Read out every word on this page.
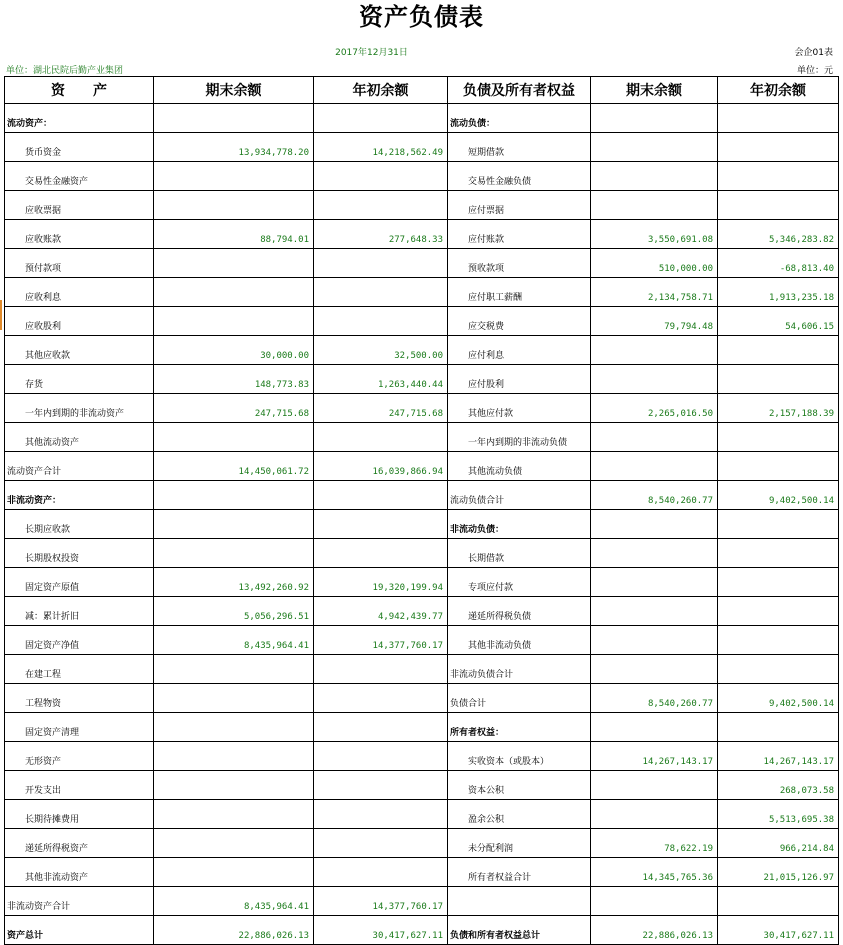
资产负债表
2017年12月31日	会企01表
单位：湖北民院后勤产业集团	单位：元
资　　产	期末余额	年初余额	负债及所有者权益	期末余额	年初余额
流动资产：			流动负债：		
货币资金	13,934,778.20	14,218,562.49	短期借款		
交易性金融资产			交易性金融负债		
应收票据			应付票据		
应收账款	88,794.01	277,648.33	应付账款	3,550,691.08	5,346,283.82
预付款项			预收款项	510,000.00	-68,813.40
应收利息			应付职工薪酬	2,134,758.71	1,913,235.18
应收股利			应交税费	79,794.48	54,606.15
其他应收款	30,000.00	32,500.00	应付利息		
存货	148,773.83	1,263,440.44	应付股利		
一年内到期的非流动资产	247,715.68	247,715.68	其他应付款	2,265,016.50	2,157,188.39
其他流动资产			一年内到期的非流动负债		
流动资产合计	14,450,061.72	16,039,866.94	其他流动负债		
非流动资产：			流动负债合计	8,540,260.77	9,402,500.14
长期应收款			非流动负债：		
长期股权投资			长期借款		
固定资产原值	13,492,260.92	19,320,199.94	专项应付款		
减：累计折旧	5,056,296.51	4,942,439.77	递延所得税负债		
固定资产净值	8,435,964.41	14,377,760.17	其他非流动负债		
在建工程			非流动负债合计		
工程物资			负债合计	8,540,260.77	9,402,500.14
固定资产清理			所有者权益：		
无形资产			实收资本（或股本）	14,267,143.17	14,267,143.17
开发支出			资本公积		268,073.58
长期待摊费用			盈余公积		5,513,695.38
递延所得税资产			未分配利润	78,622.19	966,214.84
其他非流动资产			所有者权益合计	14,345,765.36	21,015,126.97
非流动资产合计	8,435,964.41	14,377,760.17			
资产总计	22,886,026.13	30,417,627.11	负债和所有者权益总计	22,886,026.13	30,417,627.11
